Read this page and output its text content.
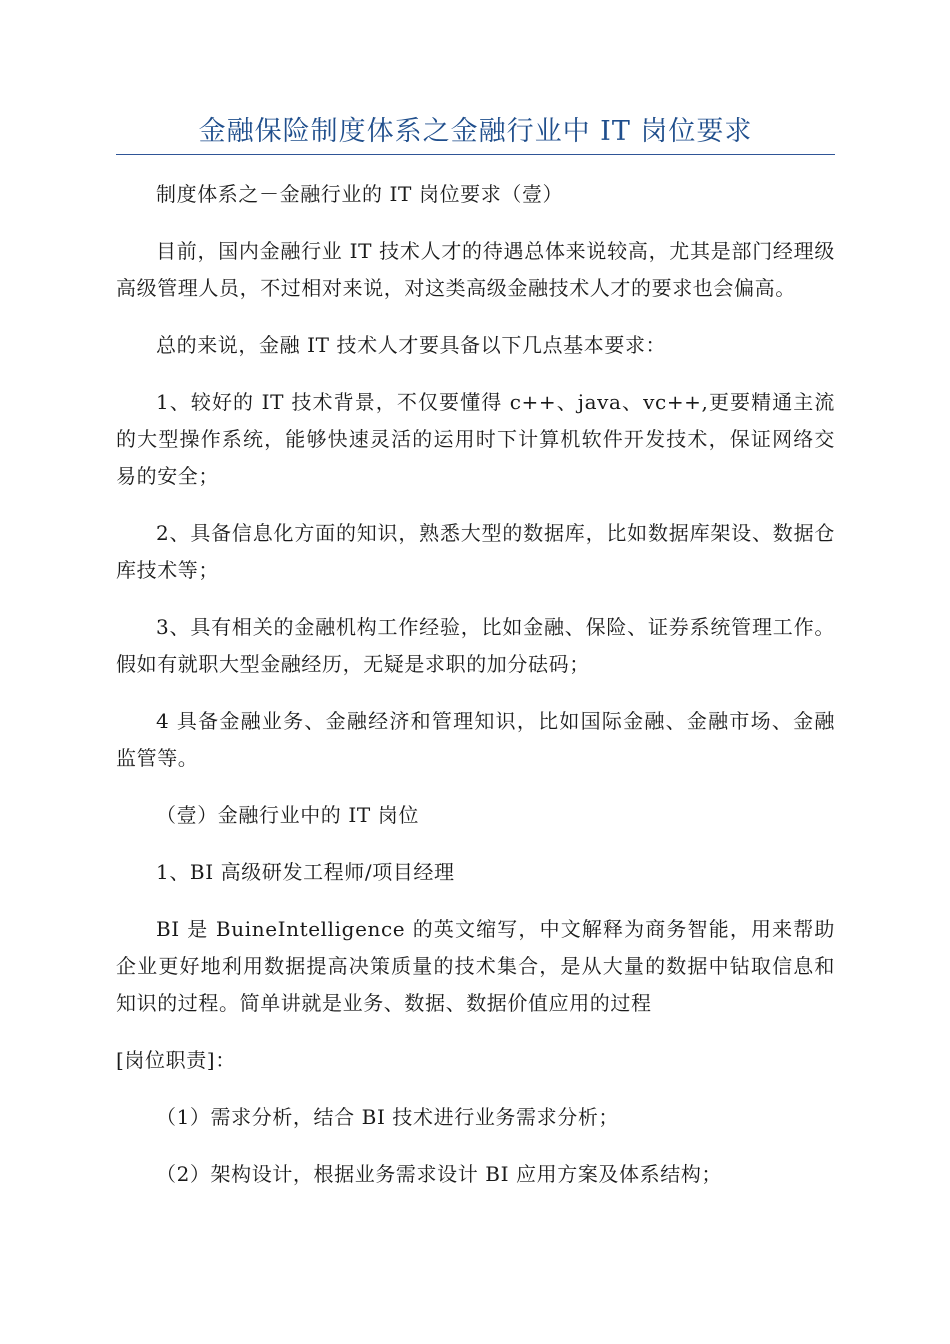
金融保险制度体系之金融行业中 IT 岗位要求

制度体系之－金融行业的 IT 岗位要求（壹）

目前，国内金融行业 IT 技术人才的待遇总体来说较高，尤其是部门经理级高级管理人员，不过相对来说，对这类高级金融技术人才的要求也会偏高。

总的来说，金融 IT 技术人才要具备以下几点基本要求：

1、较好的 IT 技术背景，不仅要懂得 c++、java、vc++,更要精通主流的大型操作系统，能够快速灵活的运用时下计算机软件开发技术，保证网络交易的安全；

2、具备信息化方面的知识，熟悉大型的数据库，比如数据库架设、数据仓库技术等；

3、具有相关的金融机构工作经验，比如金融、保险、证券系统管理工作。假如有就职大型金融经历，无疑是求职的加分砝码；

4 具备金融业务、金融经济和管理知识，比如国际金融、金融市场、金融监管等。

（壹）金融行业中的 IT 岗位

1、BI 高级研发工程师/项目经理

BI 是 BuineIntelligence 的英文缩写，中文解释为商务智能，用来帮助企业更好地利用数据提高决策质量的技术集合，是从大量的数据中钻取信息和知识的过程。简单讲就是业务、数据、数据价值应用的过程

[岗位职责]：

（1）需求分析，结合 BI 技术进行业务需求分析；

（2）架构设计，根据业务需求设计 BI 应用方案及体系结构；
